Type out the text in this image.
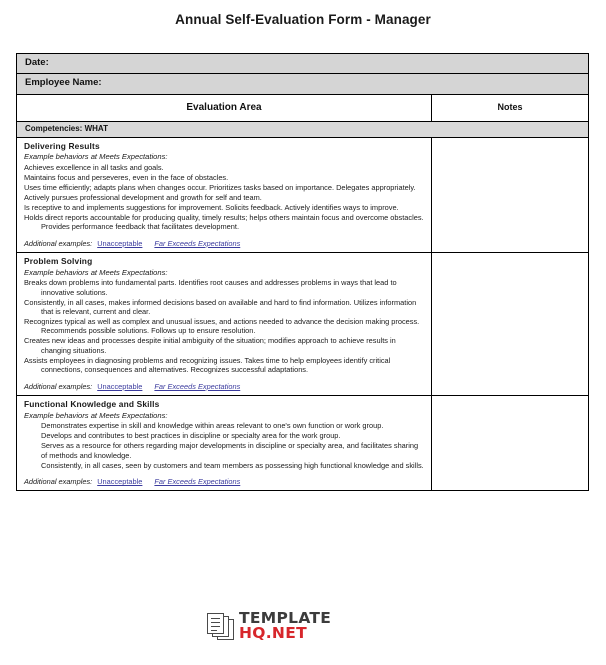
Annual Self-Evaluation Form - Manager
Date:	
Employee Name:	
Evaluation Area	Notes
Competencies: WHAT	

Delivering Results
Example behaviors at Meets Expectations:
Achieves excellence in all tasks and goals.
Maintains focus and perseveres, even in the face of obstacles.
Uses time efficiently; adapts plans when changes occur. Prioritizes tasks based on importance. Delegates appropriately.
Actively pursues professional development and growth for self and team.
Is receptive to and implements suggestions for improvement. Solicits feedback. Actively identifies ways to improve.
Holds direct reports accountable for producing quality, timely results; helps others maintain focus and overcome obstacles. Provides performance feedback that facilitates development.
Additional examples: Unacceptable Far Exceeds Expectations

Problem Solving
Example behaviors at Meets Expectations:
Breaks down problems into fundamental parts. Identifies root causes and addresses problems in ways that lead to innovative solutions.
Consistently, in all cases, makes informed decisions based on available and hard to find information. Utilizes information that is relevant, current and clear.
Recognizes typical as well as complex and unusual issues, and actions needed to advance the decision making process. Recommends possible solutions. Follows up to ensure resolution.
Creates new ideas and processes despite initial ambiguity of the situation; modifies approach to achieve results in changing situations.
Assists employees in diagnosing problems and recognizing issues. Takes time to help employees identify critical connections, consequences and alternatives. Recognizes successful adaptations.
Additional examples: Unacceptable Far Exceeds Expectations

Functional Knowledge and Skills
Example behaviors at Meets Expectations:
Demonstrates expertise in skill and knowledge within areas relevant to one's own function or work group.
Develops and contributes to best practices in discipline or specialty area for the work group.
Serves as a resource for others regarding major developments in discipline or specialty area, and facilitates sharing of methods and knowledge.
Consistently, in all cases, seen by customers and team members as possessing high functional knowledge and skills.
Additional examples: Unacceptable Far Exceeds Expectations

TEMPLATE
HQ.NET
